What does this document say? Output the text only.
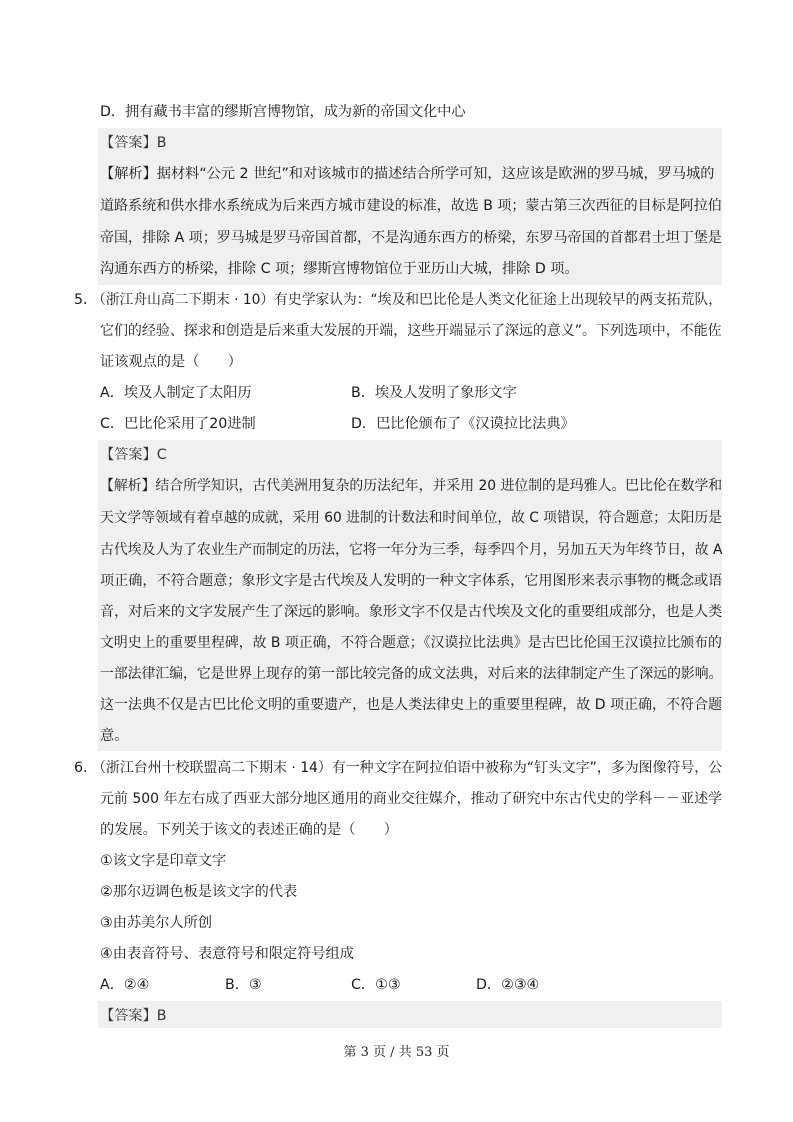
D．拥有藏书丰富的缪斯宫博物馆，成为新的帝国文化中心
【答案】B
【解析】据材料“公元 2 世纪”和对该城市的描述结合所学可知，这应该是欧洲的罗马城，罗马城的
道路系统和供水排水系统成为后来西方城市建设的标准，故选 B 项；蒙古第三次西征的目标是阿拉伯
帝国，排除 A 项；罗马城是罗马帝国首都，不是沟通东西方的桥梁，东罗马帝国的首都君士坦丁堡是
沟通东西方的桥梁，排除 C 项；缪斯宫博物馆位于亚历山大城，排除 D 项。
5．
（浙江舟山高二下期末 · 10）有史学家认为：“埃及和巴比伦是人类文化征途上出现较早的两支拓荒队，
它们的经验、探求和创造是后来重大发展的开端，这些开端显示了深远的意义”。下列选项中，不能佐
证该观点的是（　　）
A．埃及人制定了太阳历	B．埃及人发明了象形文字
C．巴比伦采用了20进制	D．巴比伦颁布了《汉谟拉比法典》
【答案】C
【解析】结合所学知识，古代美洲用复杂的历法纪年，并采用 20 进位制的是玛雅人。巴比伦在数学和
天文学等领域有着卓越的成就，采用 60 进制的计数法和时间单位，故 C 项错误，符合题意；太阳历是
古代埃及人为了农业生产而制定的历法，它将一年分为三季，每季四个月，另加五天为年终节日，故 A
项正确，不符合题意；象形文字是古代埃及人发明的一种文字体系，它用图形来表示事物的概念或语
音，对后来的文字发展产生了深远的影响。象形文字不仅是古代埃及文化的重要组成部分，也是人类
文明史上的重要里程碑，故 B 项正确，不符合题意；《汉谟拉比法典》是古巴比伦国王汉谟拉比颁布的
一部法律汇编，它是世界上现存的第一部比较完备的成文法典，对后来的法律制定产生了深远的影响。
这一法典不仅是古巴比伦文明的重要遗产，也是人类法律史上的重要里程碑，故 D 项正确，不符合题
意。
6．
（浙江台州十校联盟高二下期末 · 14）有一种文字在阿拉伯语中被称为“钉头文字”，多为图像符号，公
元前 500 年左右成了西亚大部分地区通用的商业交往媒介，推动了研究中东古代史的学科－－亚述学
的发展。下列关于该文的表述正确的是（　　）
①该文字是印章文字
②那尔迈调色板是该文字的代表
③由苏美尔人所创
④由表音符号、表意符号和限定符号组成
A．②④	B．③	C．①③	D．②③④
【答案】B
第 3 页 / 共 53 页
